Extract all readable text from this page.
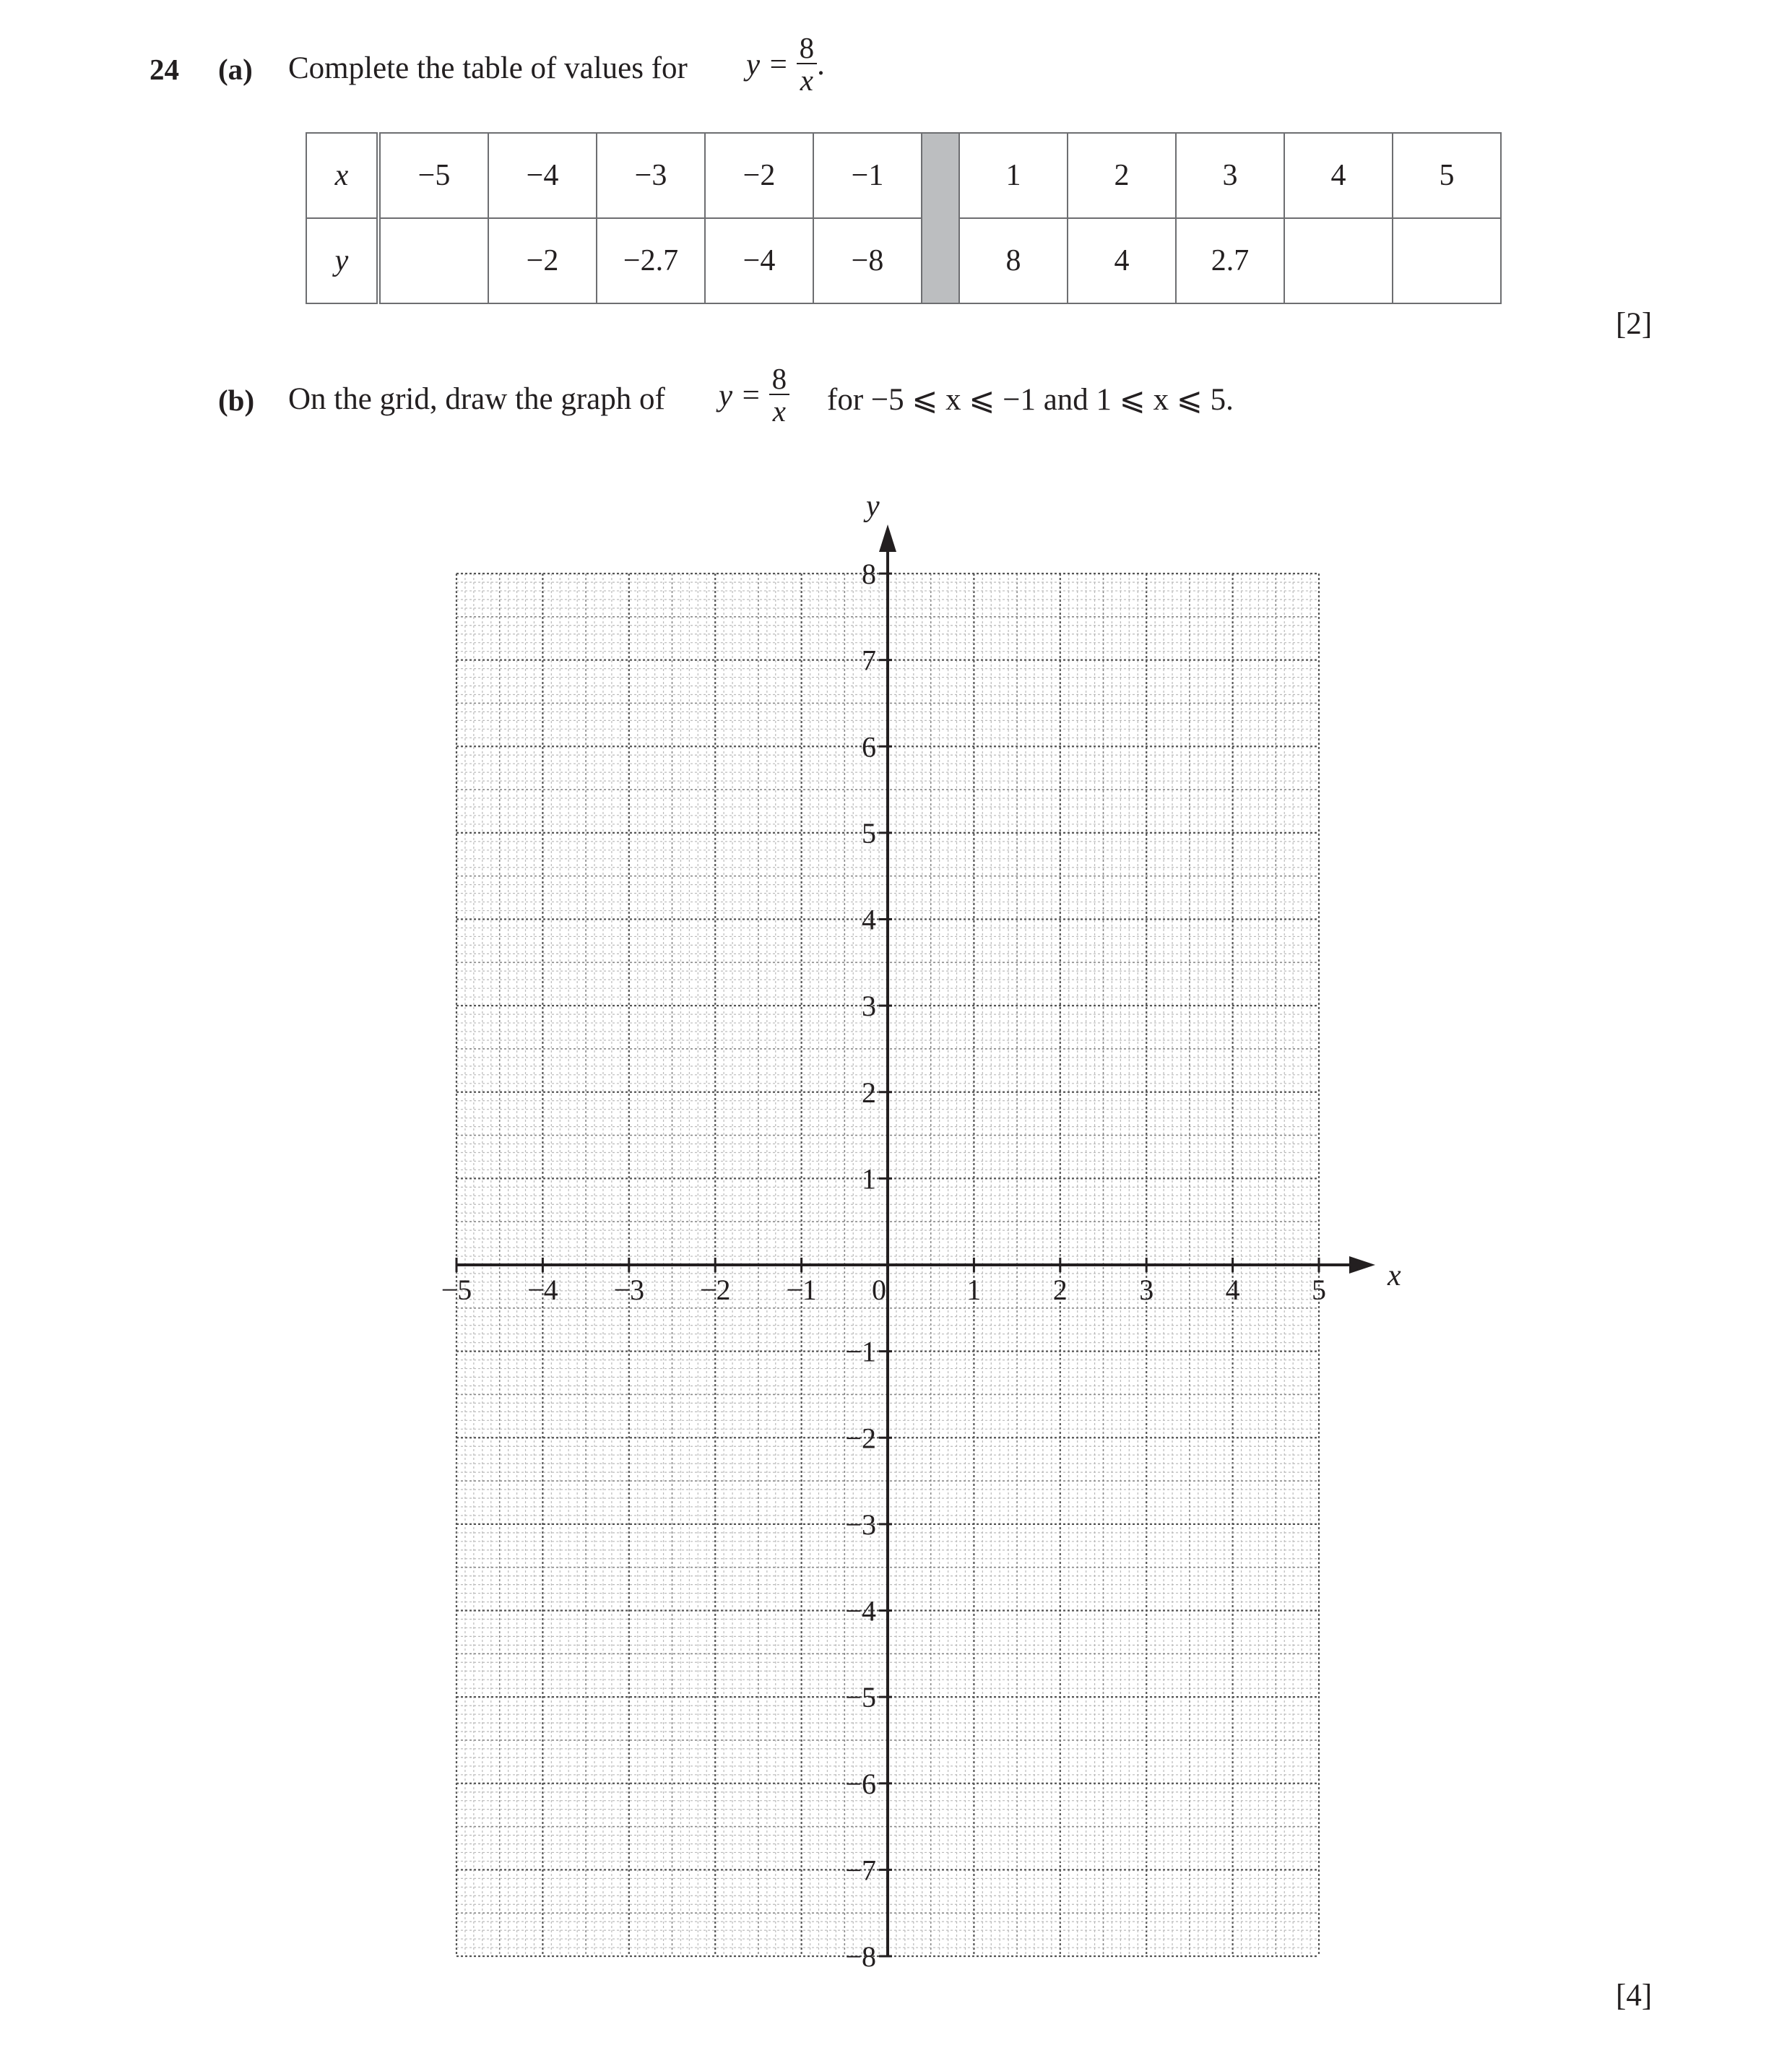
24 (a) Complete the table of values for $y = \frac{8}{x}$ .
x	−5	−4	−3	−2	−1		1	2	3	4	5
y		−2	−2.7	−4	−8		8	4	2.7		
[2]
(b) On the grid, draw the graph of $y = \frac{8}{x}$ for −5 ⩽ x ⩽ −1 and 1 ⩽ x ⩽ 5.
x
y
−5 −4 −3 −2 −1 0	1 2 3 4 5
−8
−7
−6
−5
−4
−3
−2
−1
1
2
3
4
5
6
7
8
[4]
